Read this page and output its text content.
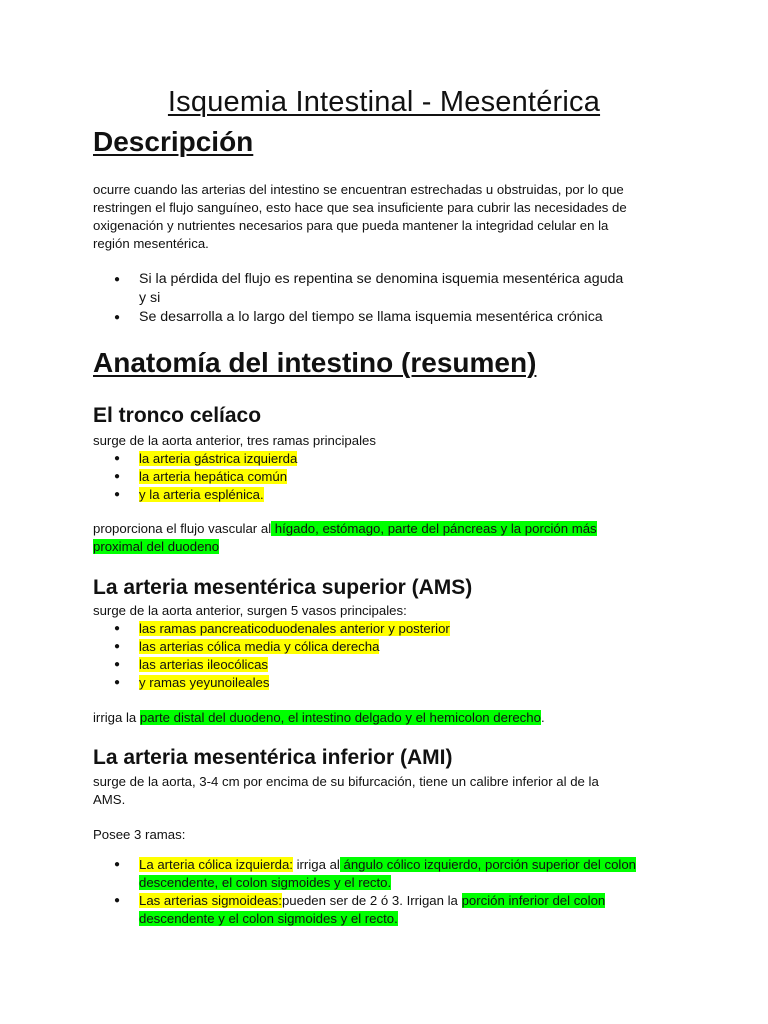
Isquemia Intestinal - Mesentérica
Descripción
ocurre cuando las arterias del intestino se encuentran estrechadas u obstruidas, por lo que
restringen el flujo sanguíneo, esto hace que sea insuficiente para cubrir las necesidades de
oxigenación y nutrientes necesarios para que pueda mantener la integridad celular en la
región mesentérica.
● Si la pérdida del flujo es repentina se denomina isquemia mesentérica aguda
y si
● Se desarrolla a lo largo del tiempo se llama isquemia mesentérica crónica
Anatomía del intestino (resumen)
El tronco celíaco
surge de la aorta anterior, tres ramas principales
● la arteria gástrica izquierda
● la arteria hepática común
● y la arteria esplénica.
proporciona el flujo vascular al hígado, estómago, parte del páncreas y la porción más
proximal del duodeno
La arteria mesentérica superior (AMS)
surge de la aorta anterior, surgen 5 vasos principales:
● las ramas pancreaticoduodenales anterior y posterior
● las arterias cólica media y cólica derecha
● las arterias ileocólicas
● y ramas yeyunoileales
irriga la parte distal del duodeno, el intestino delgado y el hemicolon derecho.
La arteria mesentérica inferior (AMI)
surge de la aorta, 3-4 cm por encima de su bifurcación, tiene un calibre inferior al de la
AMS.
Posee 3 ramas:
● La arteria cólica izquierda: irriga al ángulo cólico izquierdo, porción superior del colon
descendente, el colon sigmoides y el recto.
● Las arterias sigmoideas:pueden ser de 2 ó 3. Irrigan la porción inferior del colon
descendente y el colon sigmoides y el recto.
